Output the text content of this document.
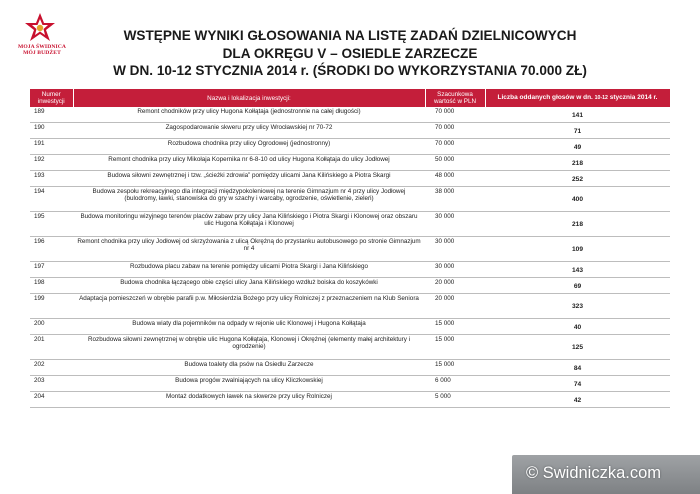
MOJA ŚWIDNICA
MÓJ BUDŻET
WSTĘPNE WYNIKI GŁOSOWANIA NA LISTĘ ZADAŃ DZIELNICOWYCH
DLA OKRĘGU V – OSIEDLE ZARZECZE
W DN. 10-12 STYCZNIA 2014 r. (ŚRODKI DO WYKORZYSTANIA 70.000 ZŁ)
Numer inwestycji	Nazwa i lokalizacja inwestycji:	Szacunkowa wartość w PLN	Liczba oddanych głosów w dn. 10-12 stycznia 2014 r.
189	Remont chodników przy ulicy Hugona Kołłątaja (jednostronnie na całej długości)	70 000	141
190	Zagospodarowanie skweru przy ulicy Wrocławskiej nr 70-72	70 000	71
191	Rozbudowa chodnika przy ulicy Ogrodowej (jednostronny)	70 000	49
192	Remont chodnika przy ulicy Mikołaja Kopernika nr 6-8-10 od ulicy Hugona Kołłątaja do ulicy Jodłowej	50 000	218
193	Budowa siłowni zewnętrznej i tzw. „ścieżki zdrowia” pomiędzy ulicami Jana Kilińskiego a Piotra Skargi	48 000	252
194	Budowa zespołu rekreacyjnego dla integracji międzypokoleniowej na terenie Gimnazjum nr 4 przy ulicy Jodłowej (bulodromy, ławki, stanowiska do gry w szachy i warcaby, ogrodzenie, oświetlenie, zieleń)	38 000	400
195	Budowa monitoringu wizyjnego terenów placów zabaw przy ulicy Jana Kilińskiego i Piotra Skargi i Klonowej oraz obszaru ulic Hugona Kołłątaja i Klonowej	30 000	218
196	Remont chodnika przy ulicy Jodłowej od skrzyżowania z ulicą Okrężną do przystanku autobusowego po stronie Gimnazjum nr 4	30 000	109
197	Rozbudowa placu zabaw na terenie pomiędzy ulicami Piotra Skargi i Jana Kilińskiego	30 000	143
198	Budowa chodnika łączącego obie części ulicy Jana Kilińskiego wzdłuż boiska do koszykówki	20 000	69
199	Adaptacja pomieszczeń w obrębie parafii p.w. Miłosierdzia Bożego przy ulicy Rolniczej z przeznaczeniem na Klub Seniora	20 000	323
200	Budowa wiaty dla pojemników na odpady w rejonie ulic Klonowej i Hugona Kołłątaja	15 000	40
201	Rozbudowa siłowni zewnętrznej w obrębie ulic Hugona Kołłątaja, Klonowej i Okrężnej (elementy małej architektury i ogrodzenie)	15 000	125
202	Budowa toalety dla psów na Osiedlu Zarzecze	15 000	84
203	Budowa progów zwalniających na ulicy Kliczkowskiej	6 000	74
204	Montaż dodatkowych ławek na skwerze przy ulicy Rolniczej	5 000	42
© Swidniczka.com
